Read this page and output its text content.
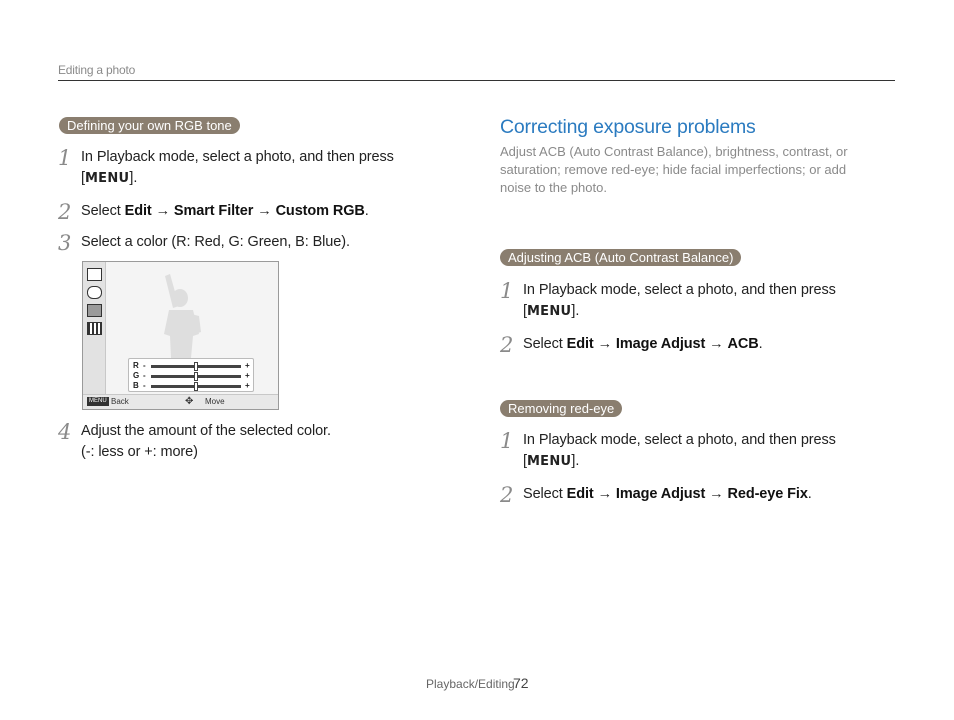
Editing a photo
Defining your own RGB tone
1 In Playback mode, select a photo, and then press
[MENU].
2 Select Edit → Smart Filter → Custom RGB.
3 Select a color (R: Red, G: Green, B: Blue).
R -	+
G -	+
B -	+
MENU Back	✥ Move
4 Adjust the amount of the selected color.
(-: less or +: more)
Correcting exposure problems
Adjust ACB (Auto Contrast Balance), brightness, contrast, or saturation; remove red-eye; hide facial imperfections; or add noise to the photo.
Adjusting ACB (Auto Contrast Balance)
1 In Playback mode, select a photo, and then press
[MENU].
2 Select Edit → Image Adjust → ACB.
Removing red-eye
1 In Playback mode, select a photo, and then press
[MENU].
2 Select Edit → Image Adjust → Red-eye Fix.
Playback/Editing
72
